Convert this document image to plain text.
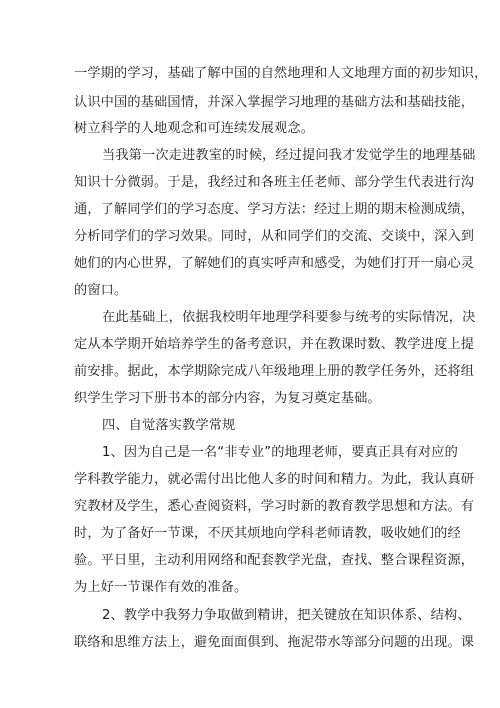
一学期的学习，基础了解中国的自然地理和人文地理方面的初步知识，
认识中国的基础国情，并深入掌握学习地理的基础方法和基础技能，
树立科学的人地观念和可连续发展观念。
当我第一次走进教室的时候，经过提问我才发觉学生的地理基础
知识十分微弱。于是，我经过和各班主任老师、部分学生代表进行沟
通，了解同学们的学习态度、学习方法：经过上期的期末检测成绩，
分析同学们的学习效果。同时，从和同学们的交流、交谈中，深入到
她们的内心世界，了解她们的真实呼声和感受，为她们打开一扇心灵
的窗口。
在此基础上，依据我校明年地理学科要参与统考的实际情况，决
定从本学期开始培养学生的备考意识，并在教课时数、教学进度上提
前安排。据此，本学期除完成八年级地理上册的教学任务外，还将组
织学生学习下册书本的部分内容，为复习奠定基础。
四、自觉落实教学常规
1、因为自己是一名“非专业”的地理老师，要真正具有对应的
学科教学能力，就必需付出比他人多的时间和精力。为此，我认真研
究教材及学生，悉心查阅资料，学习时新的教育教学思想和方法。有
时，为了备好一节课，不厌其烦地向学科老师请教，吸收她们的经
验。平日里，主动利用网络和配套教学光盘，查找、整合课程资源，
为上好一节课作有效的准备。
2、教学中我努力争取做到精讲，把关键放在知识体系、结构、
联络和思维方法上，避免面面俱到、拖泥带水等部分问题的出现。课
